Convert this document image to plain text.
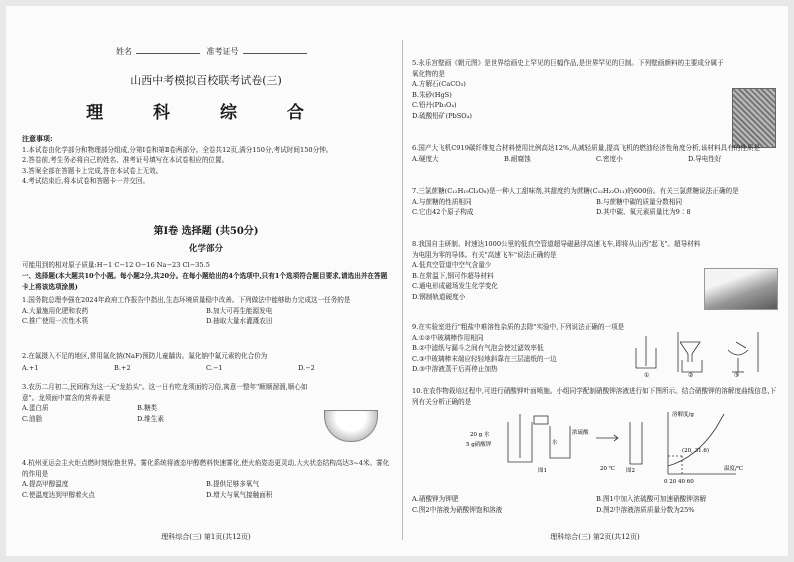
姓名	准考证号
山西中考模拟百校联考试卷(三)
理 科 综 合
注意事项:
1.本试卷由化学部分和物理部分组成,分第Ⅰ卷和第Ⅱ卷两部分。全卷共12页,满分150分,考试时间150分钟。
2.答卷前,考生务必将自己的姓名、准考证号填写在本试卷相应的位置。
3.答案全部在答题卡上完成,答在本试卷上无效。
4.考试结束后,将本试卷和答题卡一并交回。
第Ⅰ卷 选择题 (共50分)
化学部分
可能用到的相对原子质量:H−1 C−12 O−16 Na−23 Cl−35.5
一、选择题(本大题共10个小题。每小题2分,共20分。在每小题给出的4个选项中,只有1个选项符合题目要求,请选出并在答题卡上将该选项涂黑)
1.国务院总理李强在2024年政府工作报告中指出,生态环境质量稳中改善。下列做法中能够助力完成这一任务的是
A.大量施用化肥和农药	B.加大可再生能源发电
C.推广使用一次性木筷	D.抽取大量水灌溉农田
2.在氟摄入不足的地区,常用氟化钠(NaF)预防儿童龋齿。氟化钠中氟元素的化合价为
A.+1	B.+2	C.−1	D.−2
3.农历二月初二,民间称为这一天"龙抬头"。这一日有吃龙须面的习俗,寓意一整年"顺顺溜溜,顺心如意"。龙须面中富含的营养素是
A.蛋白质	B.糖类
C.油脂	D.维生素
4.杭州亚运会主火炬点燃时刻惊艳世界。雾化系统将液态甲醇燃料快速雾化,使火焰姿态更灵动,大火状态结构高达3~4米。雾化的作用是
A.提高甲醇温度	B.提供足够多氧气
C.使温度达到甲醇着火点	D.增大与氧气接触面积
理科综合(三) 第1页(共12页)
5.永乐宫壁画《朝元图》是世界绘画史上罕见的巨幅作品,是世界罕见的巨制。下列壁画颜料的主要成分属于氧化物的是
A.方解石(CaCO₃)
B.朱砂(HgS)
C.铅丹(Pb₃O₄)
D.硫酸铅矿(PbSO₄)
6.国产大飞机C919碳纤维复合材料使用比例高达12%,从减轻质量,提高飞机的燃油经济性角度分析,该材料具有的性质是
A.硬度大	B.耐腐蚀	C.密度小	D.导电性好
7.三氯蔗糖(C₁₂H₁₉Cl₃O₈)是一种人工甜味剂,其甜度约为蔗糖(C₁₂H₂₂O₁₁)的600倍。有关三氯蔗糖说法正确的是
A.与蔗糖的性质相同	B.与蔗糖中碳的质量分数相同
C.它由42个原子构成	D.其中碳、氧元素质量比为9∶8
8.我国自主研制、时速达1000公里的低真空管道超导磁悬浮高速飞车,即将从山西"起飞"。超导材料为电阻为零的导体。有关"高速飞车"说法正确的是
A.低真空管道中空气含量少
B.在常温下,钢可作超导材料
C.通电形成磁场发生化学变化
D.钢制轨道硬度小
9.在实验室进行"粗盐中难溶性杂质的去除"实验中,下列说法正确的一项是
A.①②中玻璃棒作用相同
B.②中滤纸与漏斗之间有气泡会使过滤效率低
C.③中玻璃棒末端应轻轻地斜靠在三层滤纸的一边
D.③中溶液蒸干后再停止加热
①	②	③
10.在农作物栽培过程中,可进行硝酸钾叶面喷施。小组同学配制硝酸钾溶液进行如下图所示。结合硝酸钾的溶解度曲线信息,下列有关分析正确的是
20 g 水
5 g硝酸钾
浓硫酸
水
20 ℃
图1	图2
溶解度/g
(20, 31.6)
温度/℃
0 20 40 60
A.硝酸钾为钾肥	B.图1中加入浓硫酸可加速硝酸钾溶解
C.图2中溶液为硝酸钾饱和溶液	D.图2中溶液溶质质量分数为25%
理科综合(三) 第2页(共12页)
